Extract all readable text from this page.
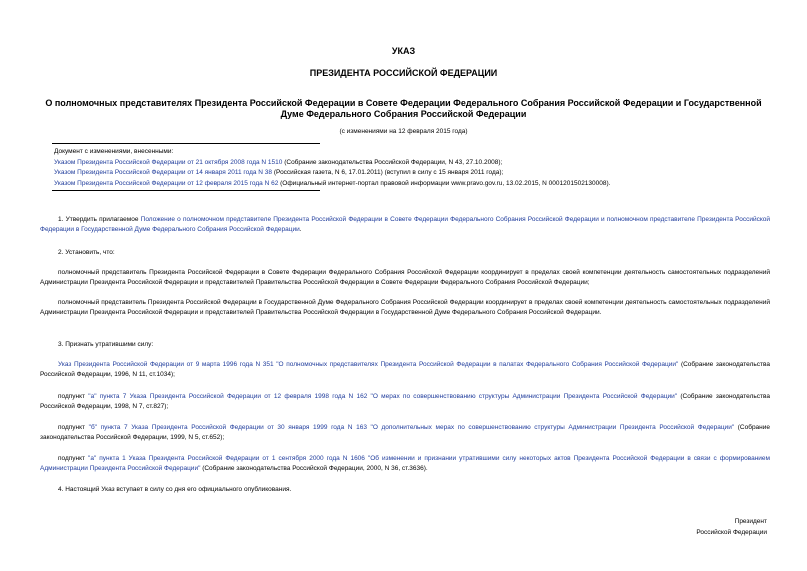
УКАЗ
ПРЕЗИДЕНТА РОССИЙСКОЙ ФЕДЕРАЦИИ
О полномочных представителях Президента Российской Федерации в Совете Федерации Федерального Собрания Российской Федерации и Государственной Думе Федерального Собрания Российской Федерации
(с изменениями на 12 февраля 2015 года)
Документ с изменениями, внесенными:
Указом Президента Российской Федерации от 21 октября 2008 года N 1510 (Собрание законодательства Российской Федерации, N 43, 27.10.2008);
Указом Президента Российской Федерации от 14 января 2011 года N 38 (Российская газета, N 6, 17.01.2011) (вступил в силу с 15 января 2011 года);
Указом Президента Российской Федерации от 12 февраля 2015 года N 62 (Официальный интернет-портал правовой информации www.pravo.gov.ru, 13.02.2015, N 0001201502130008).
1. Утвердить прилагаемое Положение о полномочном представителе Президента Российской Федерации в Совете Федерации Федерального Собрания Российской Федерации и полномочном представителе Президента Российской Федерации в Государственной Думе Федерального Собрания Российской Федерации.
2. Установить, что:
полномочный представитель Президента Российской Федерации в Совете Федерации Федерального Собрания Российской Федерации координирует в пределах своей компетенции деятельность самостоятельных подразделений Администрации Президента Российской Федерации и представителей Правительства Российской Федерации в Совете Федерации Федерального Собрания Российской Федерации;
полномочный представитель Президента Российской Федерации в Государственной Думе Федерального Собрания Российской Федерации координирует в пределах своей компетенции деятельность самостоятельных подразделений Администрации Президента Российской Федерации и представителей Правительства Российской Федерации в Государственной Думе Федерального Собрания Российской Федерации.
3. Признать утратившими силу:
Указ Президента Российской Федерации от 9 марта 1996 года N 351 "О полномочных представителях Президента Российской Федерации в палатах Федерального Собрания Российской Федерации" (Собрание законодательства Российской Федерации, 1996, N 11, ст.1034);
подпункт "а" пункта 7 Указа Президента Российской Федерации от 12 февраля 1998 года N 162 "О мерах по совершенствованию структуры Администрации Президента Российской Федерации" (Собрание законодательства Российской Федерации, 1998, N 7, ст.827);
подпункт "б" пункта 7 Указа Президента Российской Федерации от 30 января 1999 года N 163 "О дополнительных мерах по совершенствованию структуры Администрации Президента Российской Федерации" (Собрание законодательства Российской Федерации, 1999, N 5, ст.652);
подпункт "а" пункта 1 Указа Президента Российской Федерации от 1 сентября 2000 года N 1606 "Об изменении и признании утратившими силу некоторых актов Президента Российской Федерации в связи с формированием Администрации Президента Российской Федерации" (Собрание законодательства Российской Федерации, 2000, N 36, ст.3636).
4. Настоящий Указ вступает в силу со дня его официального опубликования.
Президент
Российской Федерации
